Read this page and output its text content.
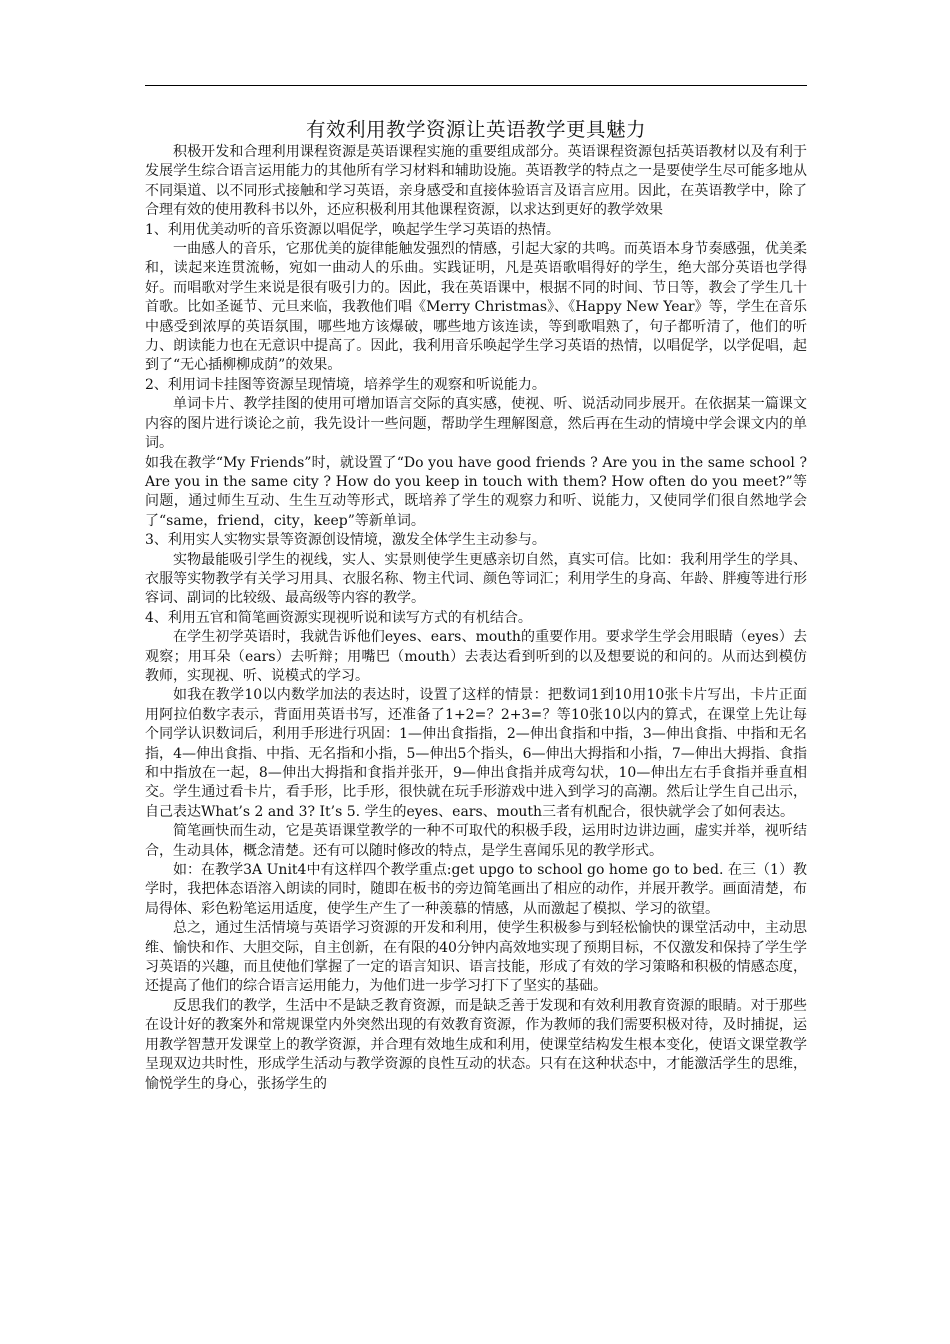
有效利用教学资源让英语教学更具魅力

积极开发和合理利用课程资源是英语课程实施的重要组成部分。英语课程资源包括英语教材以及有利于发展学生综合语言运用能力的其他所有学习材料和辅助设施。英语教学的特点之一是要使学生尽可能多地从不同渠道、以不同形式接触和学习英语，亲身感受和直接体验语言及语言应用。因此，在英语教学中，除了合理有效的使用教科书以外，还应积极利用其他课程资源，以求达到更好的教学效果

1、利用优美动听的音乐资源以唱促学，唤起学生学习英语的热情。

一曲感人的音乐，它那优美的旋律能触发强烈的情感，引起大家的共鸣。而英语本身节奏感强，优美柔和，读起来连贯流畅，宛如一曲动人的乐曲。实践证明，凡是英语歌唱得好的学生，绝大部分英语也学得好。而唱歌对学生来说是很有吸引力的。因此，我在英语课中，根据不同的时间、节日等，教会了学生几十首歌。比如圣诞节、元旦来临，我教他们唱《Merry Christmas》、《Happy New Year》等，学生在音乐中感受到浓厚的英语氛围，哪些地方该爆破，哪些地方该连读，等到歌唱熟了，句子都听清了，他们的听力、朗读能力也在无意识中提高了。因此，我利用音乐唤起学生学习英语的热情，以唱促学，以学促唱，起到了“无心插柳柳成荫”的效果。

2、利用词卡挂图等资源呈现情境，培养学生的观察和听说能力。

单词卡片、教学挂图的使用可增加语言交际的真实感，使视、听、说活动同步展开。在依据某一篇课文内容的图片进行谈论之前，我先设计一些问题，帮助学生理解图意，然后再在生动的情境中学会课文内的单词。

如我在教学“My Friends”时，就设置了“Do you have good friends ? Are you in the same school ? Are you in the same city ? How do you keep in touch with them? How often do you meet?”等问题，通过师生互动、生生互动等形式，既培养了学生的观察力和听、说能力，又使同学们很自然地学会了“same，friend，city，keep”等新单词。

3、利用实人实物实景等资源创设情境，激发全体学生主动参与。

实物最能吸引学生的视线，实人、实景则使学生更感亲切自然，真实可信。比如：我利用学生的学具、衣服等实物教学有关学习用具、衣服名称、物主代词、颜色等词汇；利用学生的身高、年龄、胖瘦等进行形容词、副词的比较级、最高级等内容的教学。

4、利用五官和简笔画资源实现视听说和读写方式的有机结合。

在学生初学英语时，我就告诉他们eyes、ears、mouth的重要作用。要求学生学会用眼睛（eyes）去观察；用耳朵（ears）去听辩；用嘴巴（mouth）去表达看到听到的以及想要说的和问的。从而达到模仿教师，实现视、听、说模式的学习。

如我在教学10以内数学加法的表达时，设置了这样的情景：把数词1到10用10张卡片写出，卡片正面用阿拉伯数字表示，背面用英语书写，还准备了1+2=？2+3=？等10张10以内的算式，在课堂上先让每个同学认识数词后，利用手形进行巩固：1—伸出食指指，2—伸出食指和中指，3—伸出食指、中指和无名指，4—伸出食指、中指、无名指和小指，5—伸出5个指头，6—伸出大拇指和小指，7—伸出大拇指、食指和中指放在一起，8—伸出大拇指和食指并张开，9—伸出食指并成弯勾状，10—伸出左右手食指并垂直相交。学生通过看卡片，看手形，比手形，很快就在玩手形游戏中进入到学习的高潮。然后让学生自己出示，自己表达What’s 2 and 3? It’s 5. 学生的eyes、ears、mouth三者有机配合，很快就学会了如何表达。

简笔画快而生动，它是英语课堂教学的一种不可取代的积极手段，运用时边讲边画，虚实并举，视听结合，生动具体，概念清楚。还有可以随时修改的特点，是学生喜闻乐见的教学形式。

如：在教学3A Unit4中有这样四个教学重点:get upgo to school go home go to bed. 在三（1）教学时，我把体态语溶入朗读的同时，随即在板书的旁边简笔画出了相应的动作，并展开教学。画面清楚，布局得体、彩色粉笔运用适度，使学生产生了一种羡慕的情感，从而激起了模拟、学习的欲望。

总之，通过生活情境与英语学习资源的开发和利用，使学生积极参与到轻松愉快的课堂活动中，主动思维、愉快和作、大胆交际，自主创新，在有限的40分钟内高效地实现了预期目标，不仅激发和保持了学生学习英语的兴趣，而且使他们掌握了一定的语言知识、语言技能，形成了有效的学习策略和积极的情感态度，还提高了他们的综合语言运用能力，为他们进一步学习打下了坚实的基础。

反思我们的教学，生活中不是缺乏教育资源，而是缺乏善于发现和有效利用教育资源的眼睛。对于那些在设计好的教案外和常规课堂内外突然出现的有效教育资源，作为教师的我们需要积极对待，及时捕捉，运用教学智慧开发课堂上的教学资源，并合理有效地生成和利用，使课堂结构发生根本变化，使语文课堂教学呈现双边共时性，形成学生活动与教学资源的良性互动的状态。只有在这种状态中，才能激活学生的思维，愉悦学生的身心，张扬学生的
